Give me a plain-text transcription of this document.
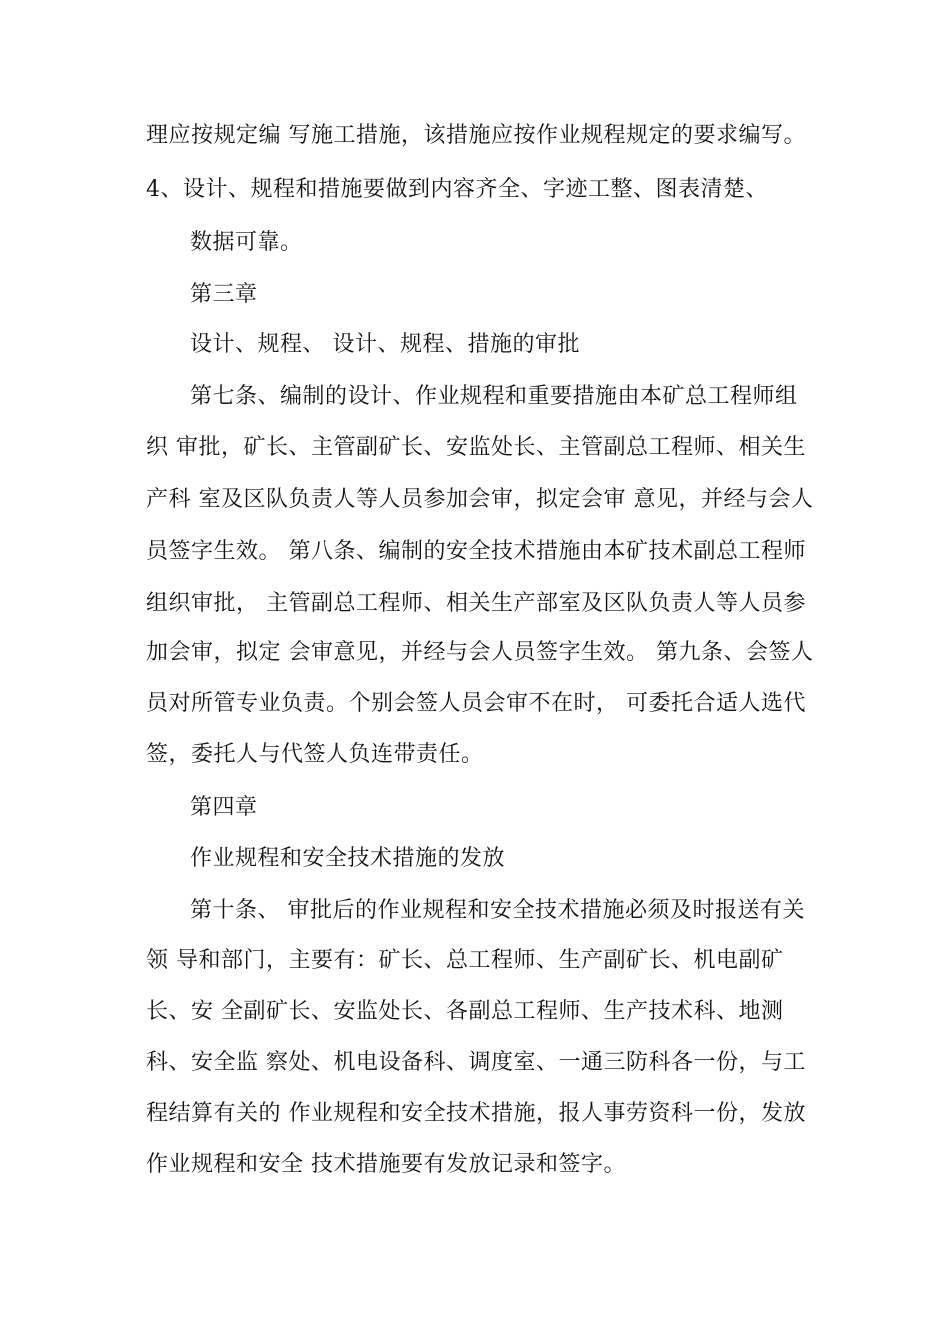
理应按规定编 写施工措施，该措施应按作业规程规定的要求编写。
4、设计、规程和措施要做到内容齐全、字迹工整、图表清楚、
数据可靠。
第三章
设计、规程、 设计、规程、措施的审批
第七条、编制的设计、作业规程和重要措施由本矿总工程师组
织 审批，矿长、主管副矿长、安监处长、主管副总工程师、相关生
产科 室及区队负责人等人员参加会审，拟定会审 意见，并经与会人
员签字生效。 第八条、编制的安全技术措施由本矿技术副总工程师
组织审批， 主管副总工程师、相关生产部室及区队负责人等人员参
加会审，拟定 会审意见，并经与会人员签字生效。 第九条、会签人
员对所管专业负责。个别会签人员会审不在时， 可委托合适人选代
签，委托人与代签人负连带责任。
第四章
作业规程和安全技术措施的发放
第十条、 审批后的作业规程和安全技术措施必须及时报送有关
领 导和部门，主要有：矿长、总工程师、生产副矿长、机电副矿
长、安 全副矿长、安监处长、各副总工程师、生产技术科、地测
科、安全监 察处、机电设备科、调度室、一通三防科各一份，与工
程结算有关的 作业规程和安全技术措施，报人事劳资科一份，发放
作业规程和安全 技术措施要有发放记录和签字。
